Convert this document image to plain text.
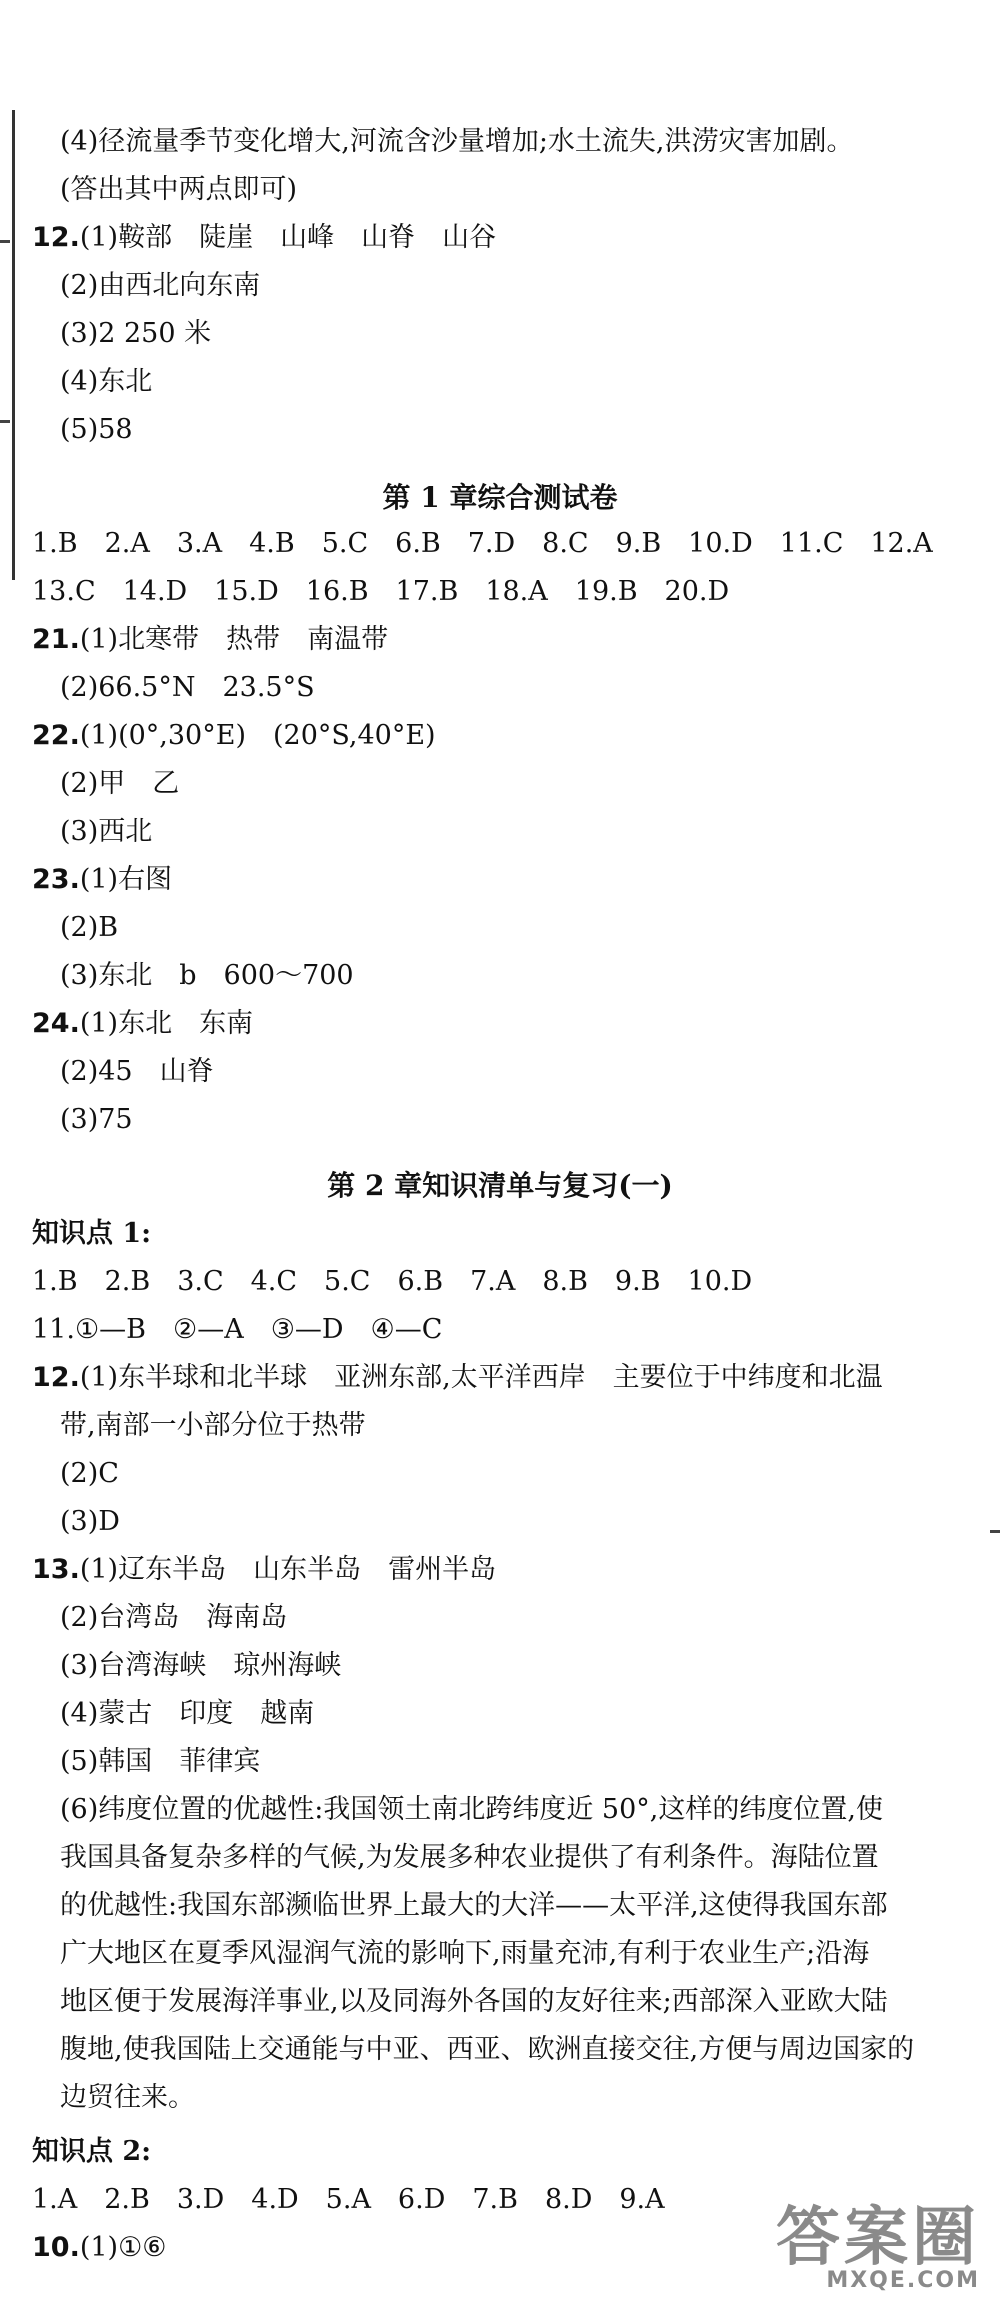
(4)径流量季节变化增大,河流含沙量增加;水土流失,洪涝灾害加剧。
(答出其中两点即可)
12.(1)鞍部　陡崖　山峰　山脊　山谷
(2)由西北向东南
(3)2 250 米
(4)东北
(5)58
第 1 章综合测试卷
1.B　2.A　3.A　4.B　5.C　6.B　7.D　8.C　9.B　10.D　11.C　12.A
13.C　14.D　15.D　16.B　17.B　18.A　19.B　20.D
21.(1)北寒带　热带　南温带
(2)66.5°N　23.5°S
22.(1)(0°,30°E)　(20°S,40°E)
(2)甲　乙
(3)西北
23.(1)右图
(2)B
(3)东北　b　600～700
24.(1)东北　东南
(2)45　山脊
(3)75
第 2 章知识清单与复习(一)
知识点 1:
1.B　2.B　3.C　4.C　5.C　6.B　7.A　8.B　9.B　10.D
11.①—B　②—A　③—D　④—C
12.(1)东半球和北半球　亚洲东部,太平洋西岸　主要位于中纬度和北温
带,南部一小部分位于热带
(2)C
(3)D
13.(1)辽东半岛　山东半岛　雷州半岛
(2)台湾岛　海南岛
(3)台湾海峡　琼州海峡
(4)蒙古　印度　越南
(5)韩国　菲律宾
(6)纬度位置的优越性:我国领土南北跨纬度近 50°,这样的纬度位置,使
我国具备复杂多样的气候,为发展多种农业提供了有利条件。海陆位置
的优越性:我国东部濒临世界上最大的大洋——太平洋,这使得我国东部
广大地区在夏季风湿润气流的影响下,雨量充沛,有利于农业生产;沿海
地区便于发展海洋事业,以及同海外各国的友好往来;西部深入亚欧大陆
腹地,使我国陆上交通能与中亚、西亚、欧洲直接交往,方便与周边国家的
边贸往来。
知识点 2:
1.A　2.B　3.D　4.D　5.A　6.D　7.B　8.D　9.A
10.(1)①⑥	答案圈
MXQE.COM
